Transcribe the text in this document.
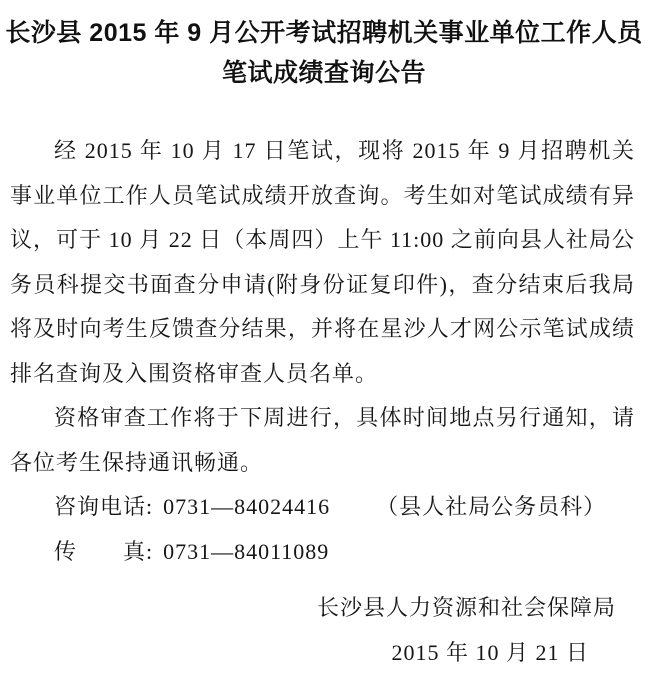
长沙县 2015 年 9 月公开考试招聘机关事业单位工作人员
笔试成绩查询公告

经 2015 年 10 月 17 日笔试，现将 2015 年 9 月招聘机关事业单位工作人员笔试成绩开放查询。考生如对笔试成绩有异议，可于 10 月 22 日（本周四）上午 11:00 之前向县人社局公务员科提交书面查分申请(附身份证复印件)，查分结束后我局将及时向考生反馈查分结果，并将在星沙人才网公示笔试成绩排名查询及入围资格审查人员名单。

资格审查工作将于下周进行，具体时间地点另行通知，请各位考生保持通讯畅通。

咨询电话: 0731—84024416 （县人社局公务员科）
传　　真: 0731—84011089
长沙县人力资源和社会保障局
2015 年 10 月 21 日
